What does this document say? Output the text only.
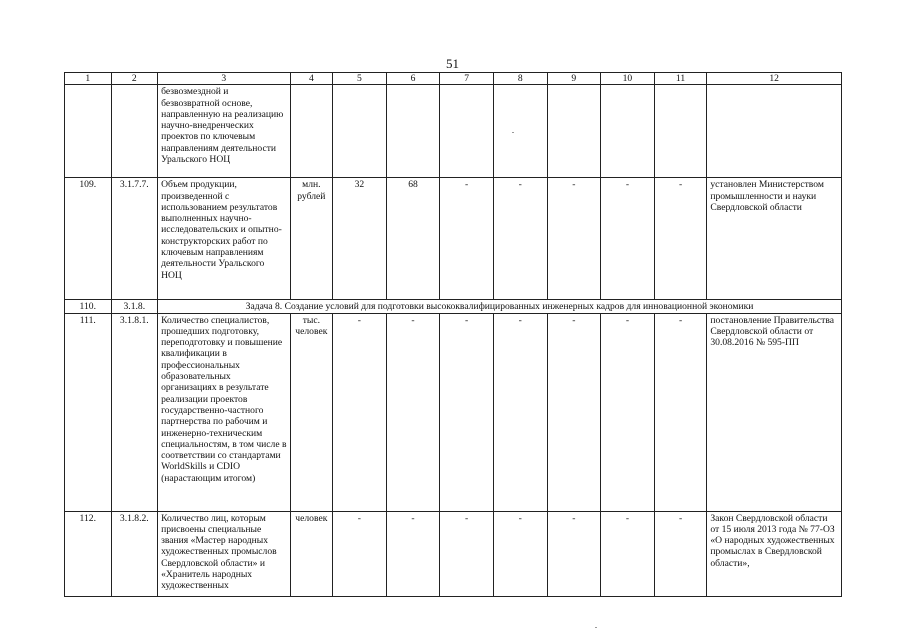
51
1	2	3	4	5	6	7	8	9	10	11	12
		безвозмездной и безвозвратной основе, направленную на реализацию научно-внедренческих проектов по ключевым направлениям деятельности Уральского НОЦ									
109.	3.1.7.7.	Объем продукции, произведенной с использованием результатов выполненных научно-исследовательских и опытно-конструкторских работ по ключевым направлениям деятельности Уральского НОЦ	млн. рублей	32	68	-	-	-	-	-	установлен Министерством промышленности и науки Свердловской области
110.	3.1.8.	Задача 8. Создание условий для подготовки высококвалифицированных инженерных кадров для инновационной экономики									
111.	3.1.8.1.	Количество специалистов, прошедших подготовку, переподготовку и повышение квалификации в профессиональных образовательных организациях в результате реализации проектов государственно-частного партнерства по рабочим и инженерно-техническим специальностям, в том числе в соответствии со стандартами WorldSkills и CDIO (нарастающим итогом)	тыс. человек	-	-	-	-	-	-	-	постановление Правительства Свердловской области от 30.08.2016 № 595-ПП
112.	3.1.8.2.	Количество лиц, которым присвоены специальные звания «Мастер народных художественных промыслов Свердловской области» и «Хранитель народных художественных	человек	-	-	-	-	-	-	-	Закон Свердловской области от 15 июля 2013 года № 77-ОЗ «О народных художественных промыслах в Свердловской области»,
